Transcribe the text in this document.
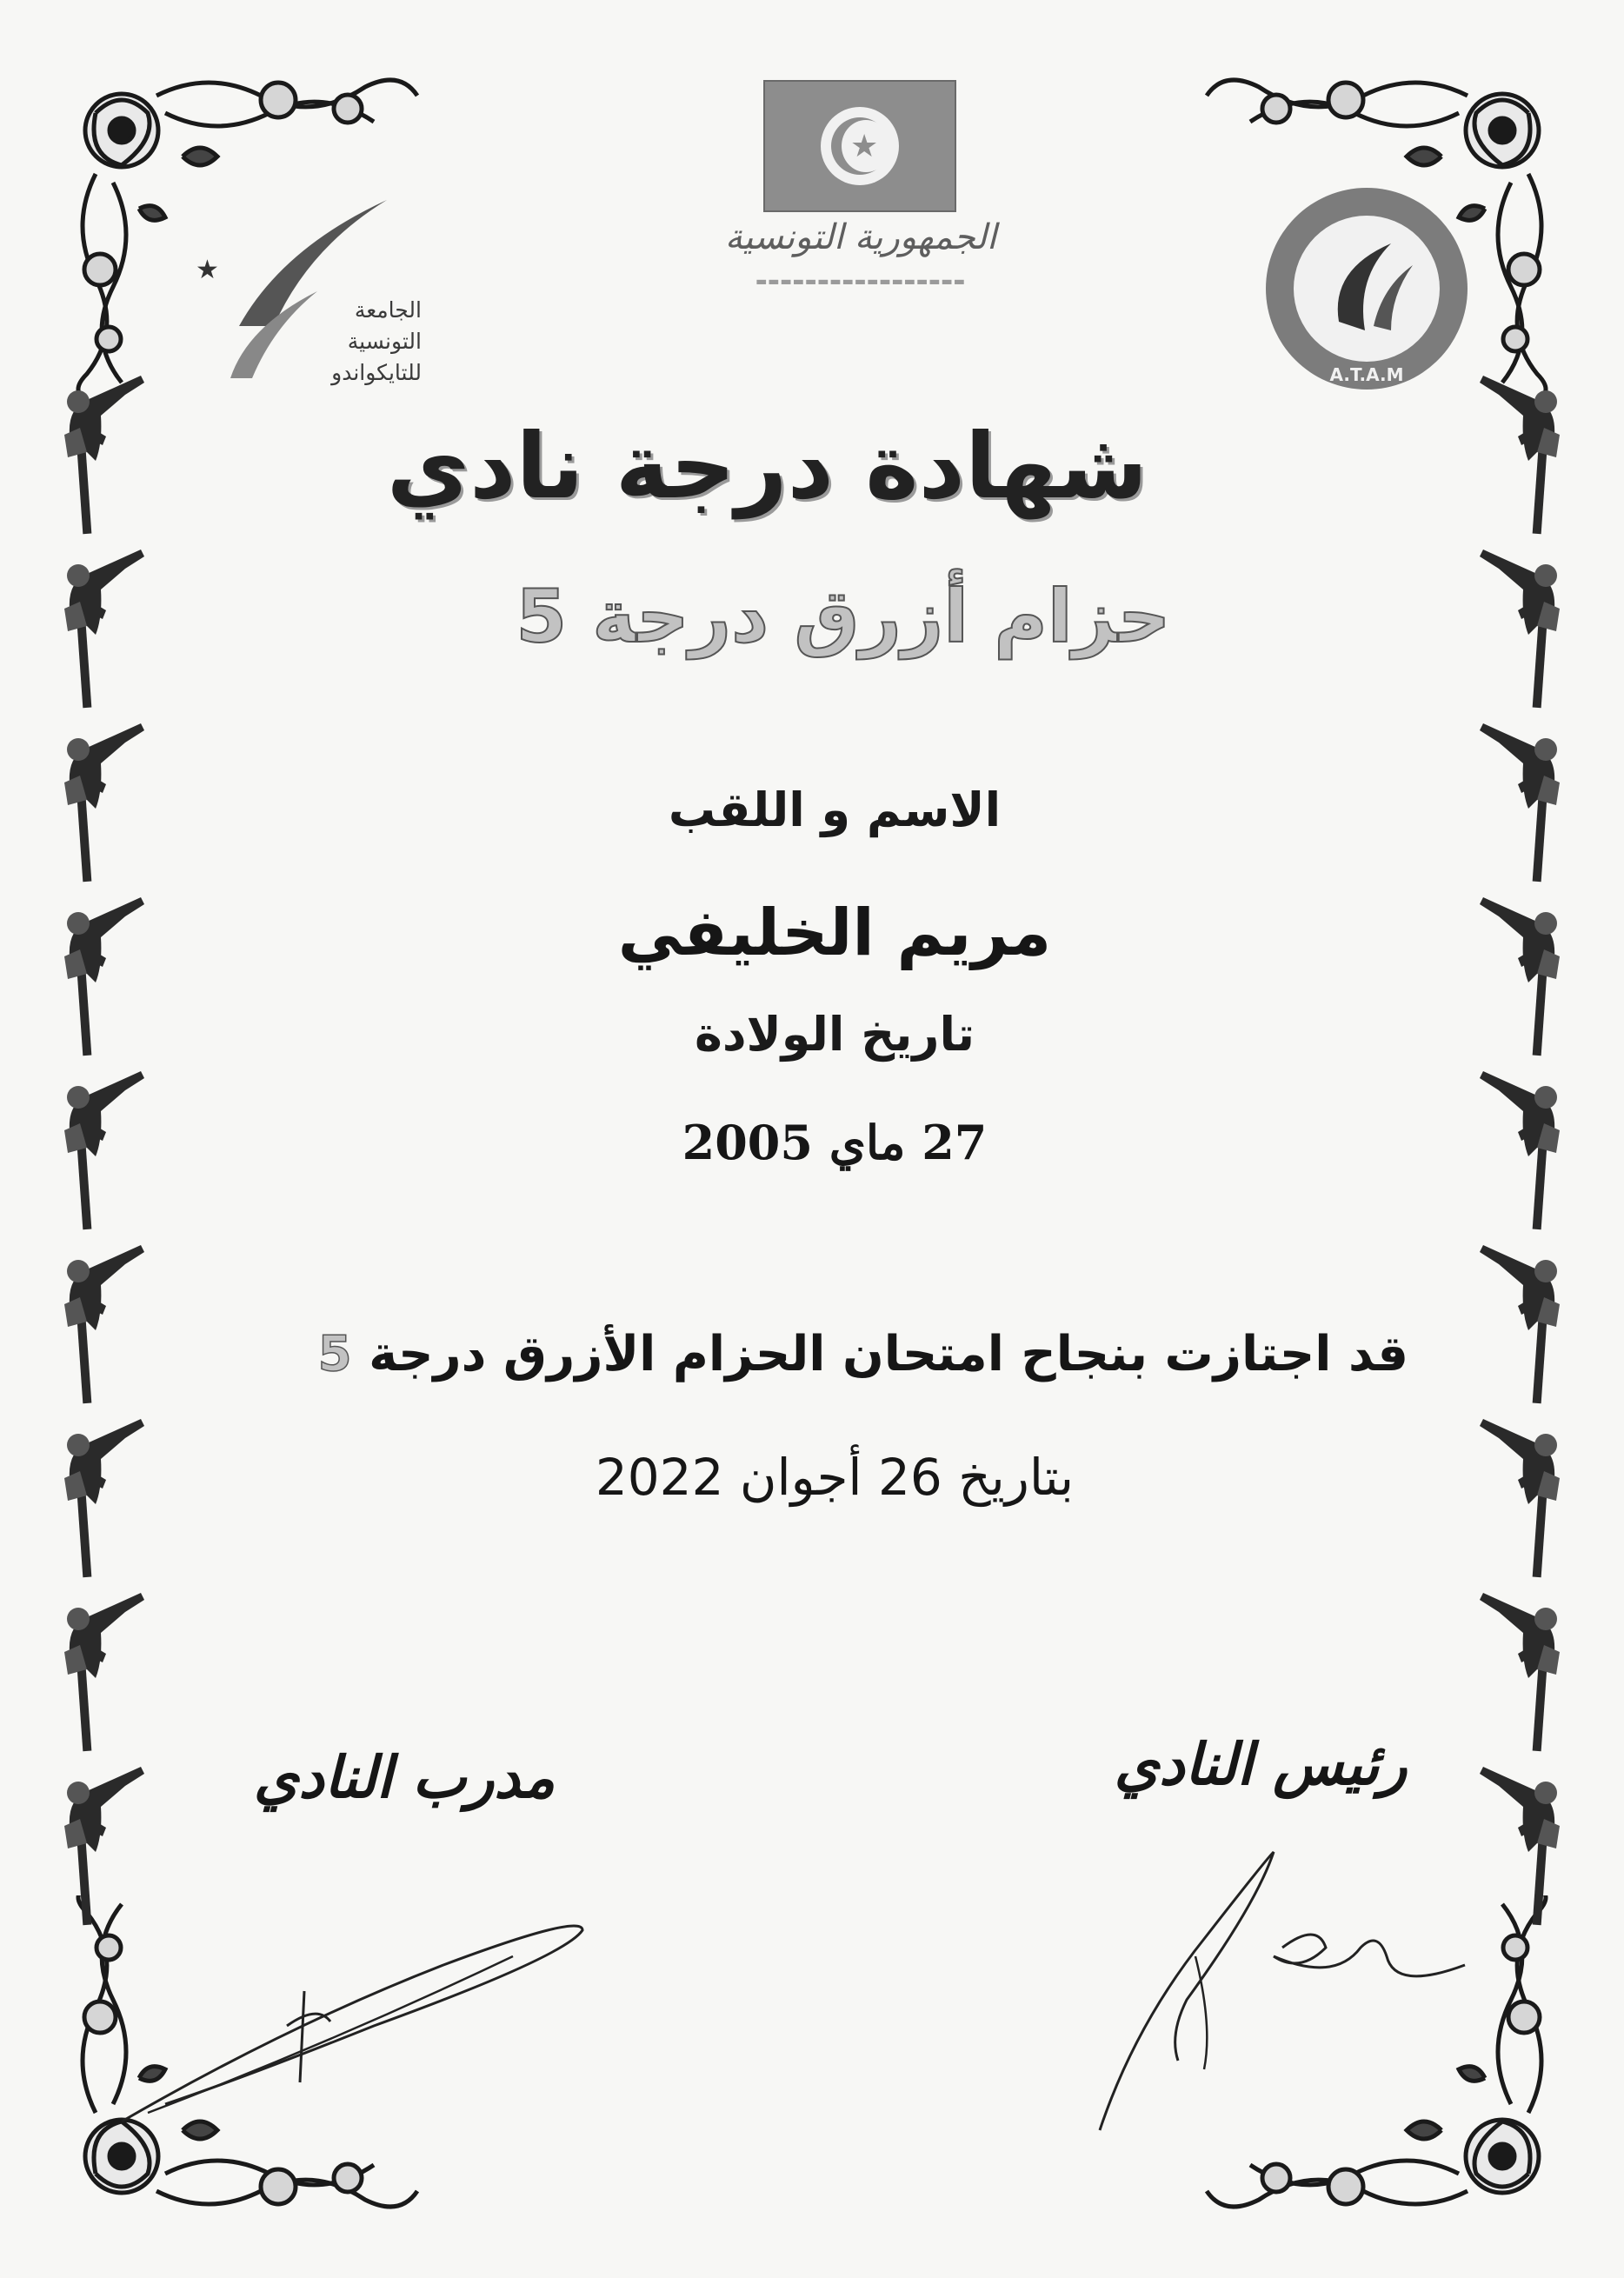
★
الجمهورية التونسية
▬▬▬▬▬▬▬▬▬▬▬▬▬▬▬▬▬
★
الجامعة
التونسية
للتايكواندو	A.T.A.M
شهادة درجة نادي
حزام أزرق درجة 5
الاسم و اللقب
مريم الخليفي
تاريخ الولادة
27 ماي 2005
قد اجتازت بنجاح امتحان الحزام الأزرق درجة 5
بتاريخ 26 أجوان 2022
مدرب النادي	رئيس النادي
